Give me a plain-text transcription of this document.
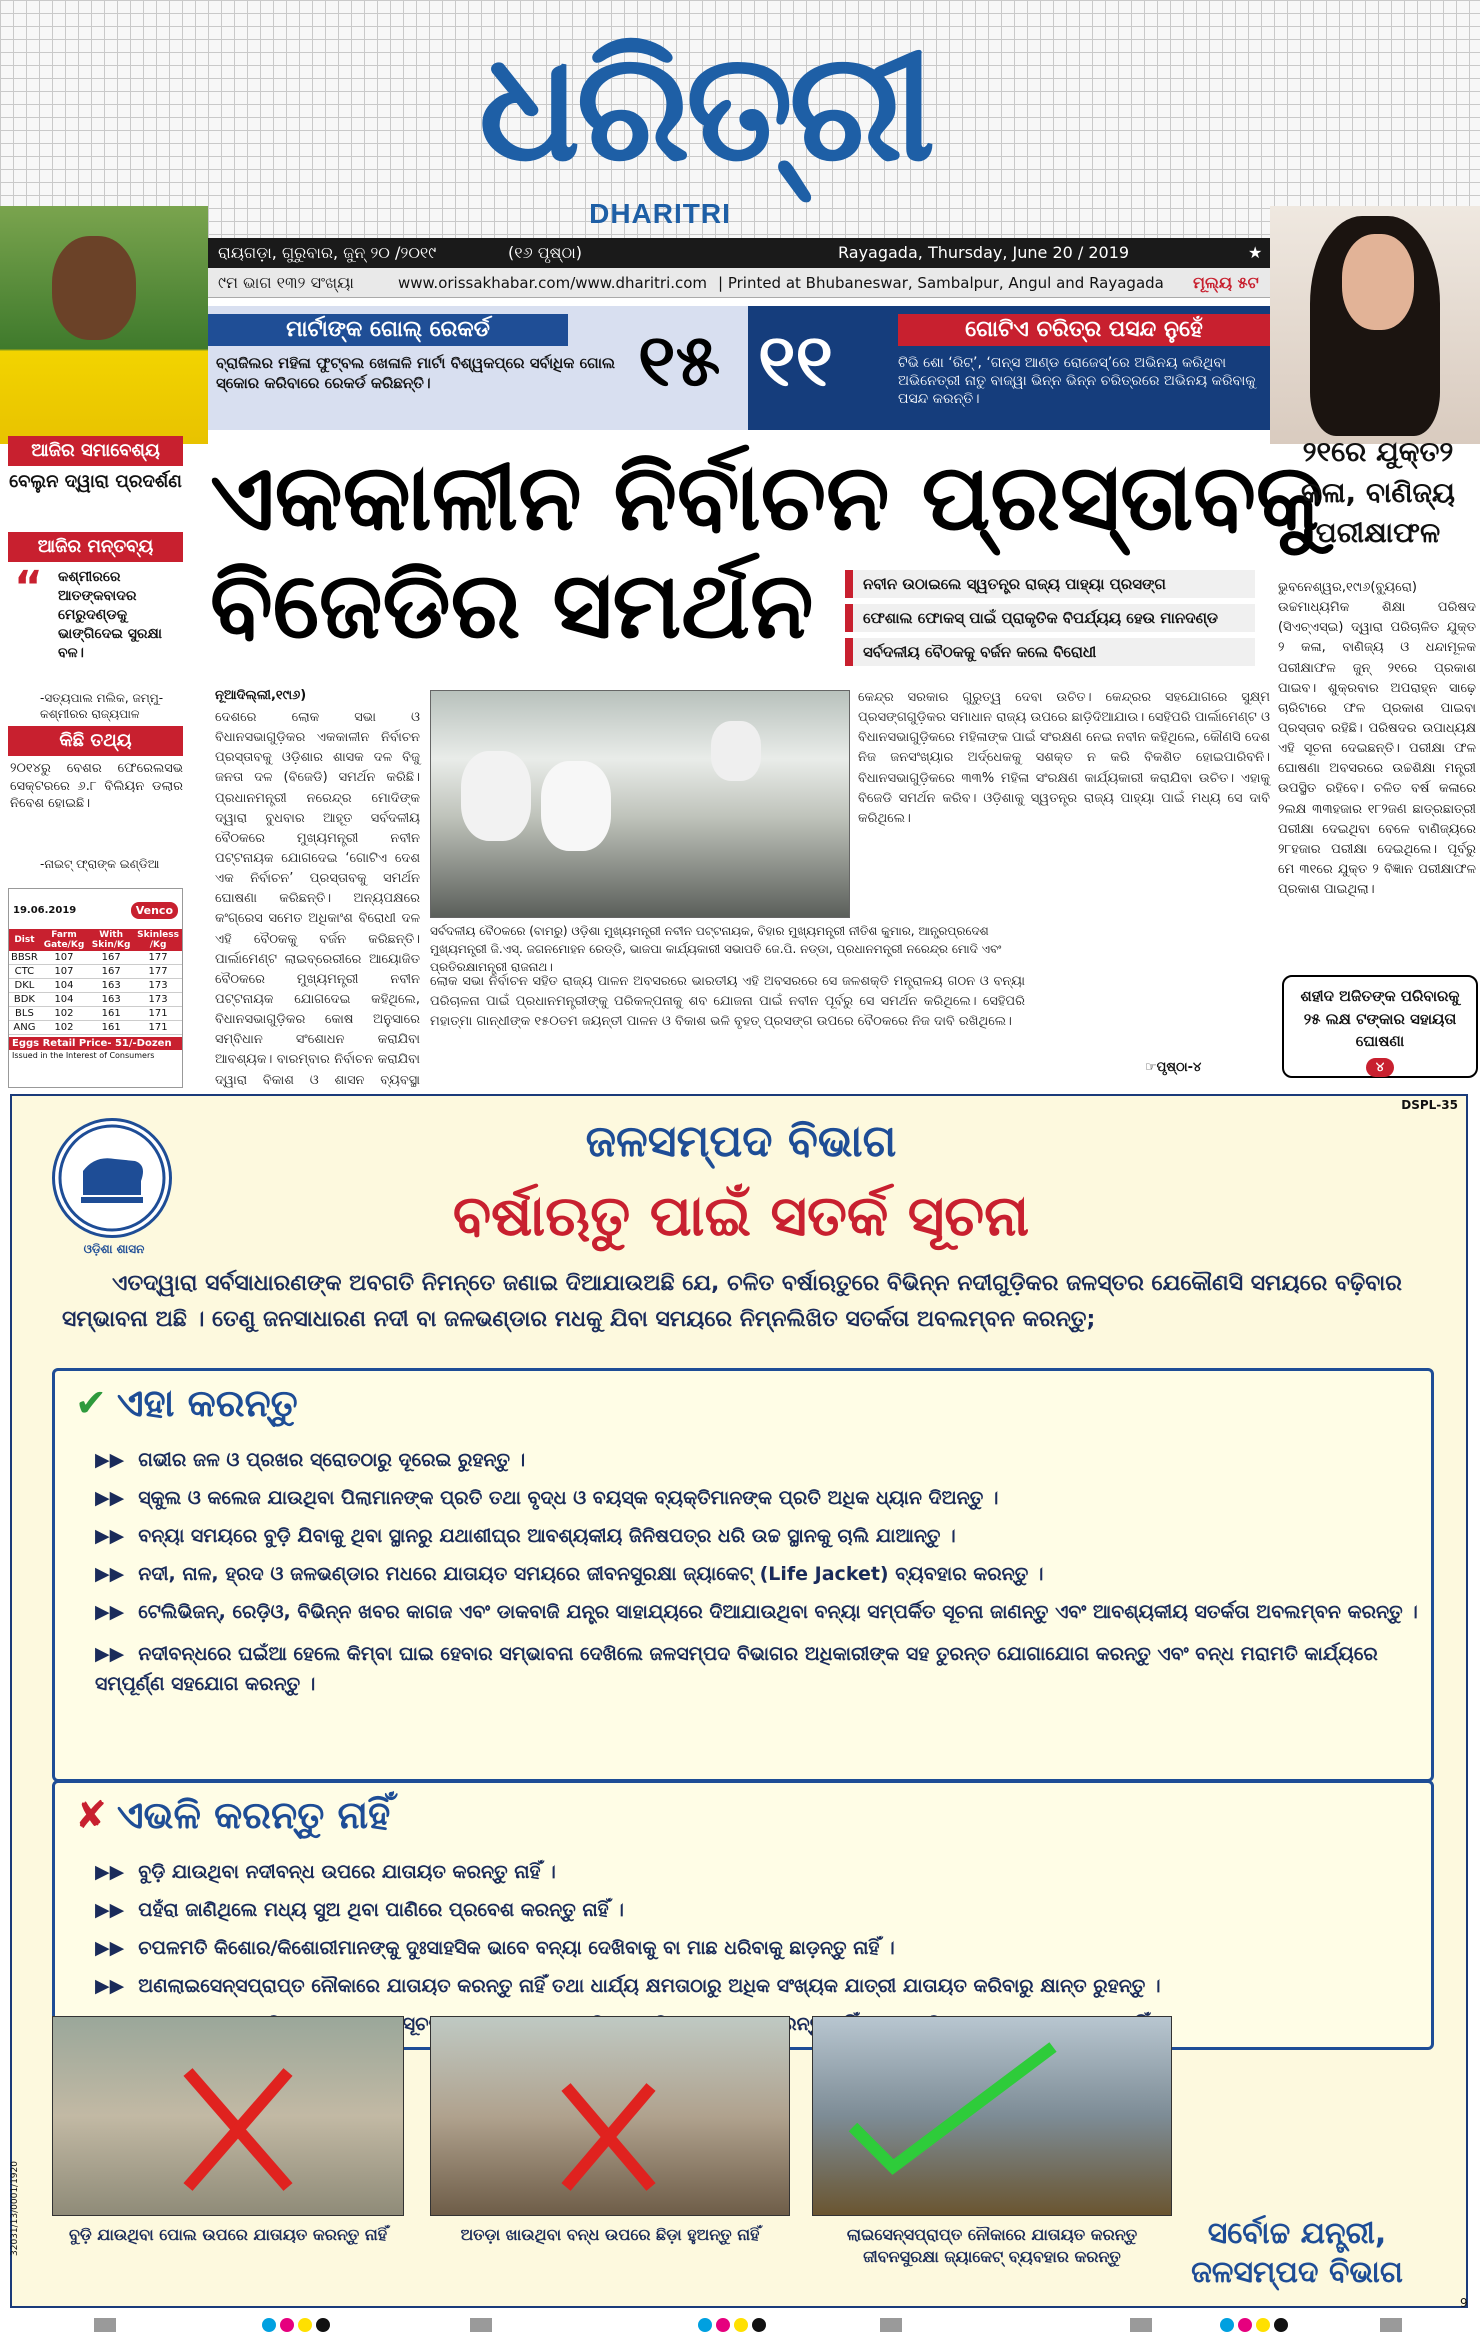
ଧରିତ୍ରୀ
DHARITRI
ରାୟଗଡ଼ା, ଗୁରୁବାର, ଜୁନ୍ ୨୦ /୨୦୧୯	(୧୬ ପୃଷ୍ଠା)	Rayagada, Thursday, June 20 / 2019	★
୯ମ ଭାଗ ୧୩୨ ସଂଖ୍ୟା	www.orissakhabar.com/www.dharitri.com | Printed at Bhubaneswar, Sambalpur, Angul and Rayagada	ମୂଲ୍ୟ ୫ଟ
ମାର୍ଟାଙ୍କ ଗୋଲ୍ ରେକର୍ଡ
ବ୍ରାଜିଲର ମହିଳା ଫୁଟ୍‌ବଲ ଖେଳାଳି ମାର୍ଟା ବିଶ୍ୱକପ୍‌ରେ ସର୍ବାଧିକ ଗୋଲ ସ୍କୋର କରିବାରେ ରେକର୍ଡ କରିଛନ୍ତି।	୧୫ ୧୧	ଗୋଟିଏ ଚରିତ୍ର ପସନ୍ଦ ନୁହେଁ
ଟିଭି ଶୋ ‘ରିଟ୍’, ‘ଗନ୍ସ ଆଣ୍ଡ ରୋଜେସ୍’ରେ ଅଭିନୟ କରିଥିବା ଅଭିନେତ୍ରୀ ନାତୁ ବାଜ୍‌ୱା ଭିନ୍ନ ଭିନ୍ନ ଚରିତ୍ରରେ ଅଭିନୟ କରିବାକୁ ପସନ୍ଦ କରନ୍ତି।
ଆଜିର ସମାବେଶ୍ୟ
ବେଲୁନ ଦ୍ୱାରା ପ୍ରଦର୍ଶଣ
ଆଜିର ମନ୍ତବ୍ୟ
“ କଶ୍ମୀରରେ ଆତଙ୍କବାଦର ମେରୁଦଣ୍ଡକୁ ଭାଙ୍ଗିଦେଇ ସୁରକ୍ଷା ବଳ।
-ସତ୍ୟପାଲ ମଲିକ, ଜମ୍ମୁ-କଶ୍ମୀରର ରାଜ୍ୟପାଳ
କିଛି ତଥ୍ୟ
୨୦୧୪ରୁ ବେଶର ଫେରେଲସଭ ସେକ୍ଟରରେ ୬.୮ ବିଲିୟନ ଡଲାର ନିବେଶ ହୋଇଛି।
-ନାଇଟ୍ ଫ୍ରାଙ୍କ ଇଣ୍ଡିଆ
19.06.2019	Venco
Dist	Farm Gate/Kg	With Skin/Kg	Skinless /Kg
BBSR	107	167	177
CTC	107	167	177
DKL	104	163	173
BDK	104	163	173
BLS	102	161	171
ANG	102	161	171
Eggs Retail Price- 51/-Dozen
Issued in the Interest of Consumers
ଏକକାଳୀନ ନିର୍ବାଚନ ପ୍ରସ୍ତାବକୁ
ବିଜେଡିର ସମର୍ଥନ	ନବୀନ ଉଠାଇଲେ ସ୍ୱତନ୍ତ୍ର ରାଜ୍ୟ ପାହ୍ୟା ପ୍ରସଙ୍ଗ
ଫେଶାଲ ଫୋକସ୍ ପାଇଁ ପ୍ରାକୃତିକ ବିପର୍ଯ୍ୟୟ ହେଉ ମାନଦଣ୍ଡ
ସର୍ବଦଳୀୟ ବୈଠକକୁ ବର୍ଜନ କଲେ ବିରୋଧୀ
ନୂଆଦିଲ୍ଲୀ,୧୯ା୬)
ଦେଶରେ ଲୋକ ସଭା ଓ ବିଧାନସଭାଗୁଡ଼ିକର ଏକକାଳୀନ ନିର୍ବାଚନ ପ୍ରସ୍ତାବକୁ ଓଡ଼ିଶାର ଶାସକ ଦଳ ବିଜୁ ଜନତା ଦଳ (ବିଜେଡି) ସମର୍ଥନ କରିଛି। ପ୍ରଧାନମନ୍ତ୍ରୀ ନରେନ୍ଦ୍ର ମୋଦିଙ୍କ ଦ୍ୱାରା ବୁଧବାର ଆହୂତ ସର୍ବଦଳୀୟ ବୈଠକରେ ମୁଖ୍ୟମନ୍ତ୍ରୀ ନବୀନ ପଟ୍ଟନାୟକ ଯୋଗଦେଇ ‘ଗୋଟିଏ ଦେଶ ଏକ ନିର୍ବାଚନ’ ପ୍ରସ୍ତାବକୁ ସମର୍ଥନ ଘୋଷଣା କରିଛନ୍ତି। ଅନ୍ୟପକ୍ଷରେ କଂଗ୍ରେସ ସମେତ ଅଧିକାଂଶ ବିରୋଧୀ ଦଳ ଏହି ବୈଠକକୁ ବର୍ଜନ କରିଛନ୍ତି। ପାର୍ଲାମେଣ୍ଟ ଲାଇବ୍ରେରୀରେ ଆୟୋଜିତ ବୈଠକରେ ମୁଖ୍ୟମନ୍ତ୍ରୀ ନବୀନ ପଟ୍ଟନାୟକ ଯୋଗଦେଇ କହିଥିଲେ, ବିଧାନସଭାଗୁଡ଼ିକର କୋଷ ଅନୁସାରେ ସମ୍ବିଧାନ ସଂଶୋଧନ କରାଯିବା ଆବଶ୍ୟକ। ବାରମ୍ବାର ନିର୍ବାଚନ କରାଯିବା ଦ୍ୱାରା ବିକାଶ ଓ ଶାସନ ବ୍ୟବସ୍ଥା
ସର୍ବଦଳୀୟ ବୈଠକରେ (ବାମରୁ) ଓଡ଼ିଶା ମୁଖ୍ୟମନ୍ତ୍ରୀ ନବୀନ ପଟ୍ଟନାୟକ, ବିହାର ମୁଖ୍ୟମନ୍ତ୍ରୀ ନୀତିଶ କୁମାର, ଆନ୍ଧ୍ରପ୍ରଦେଶ ମୁଖ୍ୟମନ୍ତ୍ରୀ ଜି.ଏସ୍. ଜଗନମୋହନ ରେଡ୍ଡି, ଭାଜପା କାର୍ଯ୍ୟକାରୀ ସଭାପତି ଜେ.ପି. ନଡ୍ଡା, ପ୍ରଧାନମନ୍ତ୍ରୀ ନରେନ୍ଦ୍ର ମୋଦି ଏବଂ ପ୍ରତିରକ୍ଷାମନ୍ତ୍ରୀ ରାଜନାଥ।
ଲୋକ ସଭା ନିର୍ବାଚନ ସହିତ ରାଜ୍ୟ ପାଳନ ଅବସରରେ ଭାରତୀୟ ଏହି ଅବସରରେ ସେ ଜଳଶକ୍ତି ମନ୍ତ୍ରାଳୟ ଗଠନ ଓ ବନ୍ୟା ପରିଚାଳନା ପାଇଁ ପ୍ରଧାନମନ୍ତ୍ରୀଙ୍କୁ ପରିକଳ୍ପନାକୁ ଶବ ଯୋଜନା ପାଇଁ ନବୀନ ପୂର୍ବରୁ ସେ ସମର୍ଥନ କରିଥିଲେ। ସେହିପରି ମହାତ୍ମା ଗାନ୍ଧୀଙ୍କ ୧୫୦ତମ ଜୟନ୍ତୀ ପାଳନ ଓ ବିକାଶ ଭଳି ବୃହତ୍ ପ୍ରସଙ୍ଗ ଉପରେ ବୈଠକରେ ନିଜ ଦାବି ରଖିଥିଲେ।
କେନ୍ଦ୍ର ସରକାର ଗୁରୁତ୍ୱ ଦେବା ଉଚିତ। କେନ୍ଦ୍ରର ସହଯୋଗରେ ସୁକ୍ଷ୍ମ ପ୍ରସଙ୍ଗଗୁଡ଼ିକର ସମାଧାନ ରାଜ୍ୟ ଉପରେ ଛାଡ଼ିଦିଆଯାଉ। ସେହିପରି ପାର୍ଲାମେଣ୍ଟ ଓ ବିଧାନସଭାଗୁଡ଼ିକରେ ମହିଳାଙ୍କ ପାଇଁ ସଂରକ୍ଷଣ ନେଇ ନବୀନ କହିଥିଲେ, କୌଣସି ଦେଶ ନିଜ ଜନସଂଖ୍ୟାର ଅର୍ଦ୍ଧେକକୁ ସଶକ୍ତ ନ କରି ବିକଶିତ ହୋଇପାରିବନି। ବିଧାନସଭାଗୁଡ଼ିକରେ ୩୩% ମହିଳା ସଂରକ୍ଷଣ କାର୍ଯ୍ୟକାରୀ କରାଯିବା ଉଚିତ। ଏହାକୁ ବିଜେଡି ସମର୍ଥନ କରିବ। ଓଡ଼ିଶାକୁ ସ୍ୱତନ୍ତ୍ର ରାଜ୍ୟ ପାହ୍ୟା ପାଇଁ ମଧ୍ୟ ସେ ଦାବି କରିଥିଲେ।
☞ପୃଷ୍ଠା-୪
୨୧ରେ ଯୁକ୍ତ୨ କଳା, ବାଣିଜ୍ୟ ପରୀକ୍ଷାଫଳ
ଭୁବନେଶ୍ୱର,୧୯ା୬(ବ୍ୟୁରୋ) ଉଚ୍ଚମାଧ୍ୟମିକ ଶିକ୍ଷା ପରିଷଦ (ସିଏଚ୍‌ଏସ୍‌ଇ) ଦ୍ୱାରା ପରିଚାଳିତ ଯୁକ୍ତ ୨ କଳା, ବାଣିଜ୍ୟ ଓ ଧନ୍ଦାମୂଳକ ପରୀକ୍ଷାଫଳ ଜୁନ୍ ୨୧ରେ ପ୍ରକାଶ ପାଇବ। ଶୁକ୍ରବାର ଅପରାହ୍ନ ସାଢ଼େ ଚାରିଟାରେ ଫଳ ପ୍ରକାଶ ପାଇବା ପ୍ରସ୍ତାବ ରହିଛି। ପରିଷଦର ଉପାଧ୍ୟକ୍ଷ ଏହି ସୂଚନା ଦେଇଛନ୍ତି। ପରୀକ୍ଷା ଫଳ ଘୋଷଣା ଅବସରରେ ଉଚ୍ଚଶିକ୍ଷା ମନ୍ତ୍ରୀ ଉପସ୍ଥିତ ରହିବେ। ଚଳିତ ବର୍ଷ କଳାରେ ୨ଲକ୍ଷ ୩୩ହଜାର ୧୮୨ଜଣ ଛାତ୍ରଛାତ୍ରୀ ପରୀକ୍ଷା ଦେଇଥିବା ବେଳେ ବାଣିଜ୍ୟରେ ୨୮ହଜାର ପରୀକ୍ଷା ଦେଇଥିଲେ। ପୂର୍ବରୁ ମେ ୩୧ରେ ଯୁକ୍ତ ୨ ବିଜ୍ଞାନ ପରୀକ୍ଷାଫଳ ପ୍ରକାଶ ପାଇଥିଲା।
ଶହୀଦ ଅଜିତଙ୍କ ପରିବାରକୁ ୨୫ ଲକ୍ଷ ଟଙ୍କାର ସହାୟତା ଘୋଷଣା
୪
DSPL-35
ଓଡ଼ିଶା ଶାସନ
ଜଳସମ୍ପଦ ବିଭାଗ
ବର୍ଷାଋତୁ ପାଇଁ ସତର୍କ ସୂଚନା
ଏତଦ୍ୱାରା ସର୍ବସାଧାରଣଙ୍କ ଅବଗତି ନିମନ୍ତେ ଜଣାଇ ଦିଆଯାଉଅଛି ଯେ, ଚଳିତ ବର୍ଷାଋତୁରେ ବିଭିନ୍ନ ନଦୀଗୁଡ଼ିକର ଜଳସ୍ତର ଯେକୌଣସି ସମୟରେ ବଢ଼ିବାର ସମ୍ଭାବନା ଅଛି । ତେଣୁ ଜନସାଧାରଣ ନଦୀ ବା ଜଳଭଣ୍ଡାର ମଧକୁ ଯିବା ସମୟରେ ନିମ୍ନଲିଖିତ ସତର୍କତା ଅବଲମ୍ବନ କରନ୍ତୁ;
✔ ଏହା କରନ୍ତୁ
▶▶ ଗଭୀର ଜଳ ଓ ପ୍ରଖର ସ୍ରୋତଠାରୁ ଦୂରେଇ ରୁହନ୍ତୁ ।
▶▶ ସ୍କୁଲ ଓ କଲେଜ ଯାଉଥିବା ପିଲାମାନଙ୍କ ପ୍ରତି ତଥା ବୃଦ୍ଧ ଓ ବୟସ୍କ ବ୍ୟକ୍ତିମାନଙ୍କ ପ୍ରତି ଅଧିକ ଧ୍ୟାନ ଦିଅନ୍ତୁ ।
▶▶ ବନ୍ୟା ସମୟରେ ବୁଡ଼ି ଯିବାକୁ ଥିବା ସ୍ଥାନରୁ ଯଥାଶୀଘ୍ର ଆବଶ୍ୟକୀୟ ଜିନିଷପତ୍ର ଧରି ଉଚ୍ଚ ସ୍ଥାନକୁ ଚାଲି ଯାଆନ୍ତୁ ।
▶▶ ନଦୀ, ନାଳ, ହ୍ରଦ ଓ ଜଳଭଣ୍ଡାର ମଧରେ ଯାତାୟତ ସମୟରେ ଜୀବନସୁରକ୍ଷା ଜ୍ୟାକେଟ୍ (Life Jacket) ବ୍ୟବହାର କରନ୍ତୁ ।
▶▶ ଟେଲିଭିଜନ୍, ରେଡ଼ିଓ, ବିଭିନ୍ନ ଖବର କାଗଜ ଏବଂ ଡାକବାଜି ଯନ୍ତ୍ର ସାହାଯ୍ୟରେ ଦିଆଯାଉଥିବା ବନ୍ୟା ସମ୍ପର୍କିତ ସୂଚନା ଜାଣନ୍ତୁ ଏବଂ ଆବଶ୍ୟକୀୟ ସତର୍କତା ଅବଲମ୍ବନ କରନ୍ତୁ ।
▶▶ ନଦୀବନ୍ଧରେ ଘଇଁଆ ହେଲେ କିମ୍ବା ଘାଇ ହେବାର ସମ୍ଭାବନା ଦେଖିଲେ ଜଳସମ୍ପଦ ବିଭାଗର ଅଧିକାରୀଙ୍କ ସହ ତୁରନ୍ତ ଯୋଗାଯୋଗ କରନ୍ତୁ ଏବଂ ବନ୍ଧ ମରାମତି କାର୍ଯ୍ୟରେ ସମ୍ପୂର୍ଣ୍ଣ ସହଯୋଗ କରନ୍ତୁ ।
✘ ଏଭଳି କରନ୍ତୁ ନାହିଁ
▶▶ ବୁଡ଼ି ଯାଉଥିବା ନଦୀବନ୍ଧ ଉପରେ ଯାତାୟତ କରନ୍ତୁ ନାହିଁ ।
▶▶ ପହଁରା ଜାଣିଥିଲେ ମଧ୍ୟ ସୁଅ ଥିବା ପାଣିରେ ପ୍ରବେଶ କରନ୍ତୁ ନାହିଁ ।
▶▶ ଚପଳମତି କିଶୋର/କିଶୋରୀମାନଙ୍କୁ ଦୁଃସାହସିକ ଭାବେ ବନ୍ୟା ଦେଖିବାକୁ ବା ମାଛ ଧରିବାକୁ ଛାଡ଼ନ୍ତୁ ନାହିଁ ।
▶▶ ଅଣଲାଇସେନ୍ସପ୍ରାପ୍ତ ନୌକାରେ ଯାତାୟତ କରନ୍ତୁ ନାହିଁ ତଥା ଧାର୍ଯ୍ୟ କ୍ଷମତାଠାରୁ ଅଧିକ ସଂଖ୍ୟକ ଯାତ୍ରୀ ଯାତାୟତ କରିବାରୁ କ୍ଷାନ୍ତ ରୁହନ୍ତୁ ।
ସୂଚନା କରନ୍ତୁ
ବୁଡ଼ି ଯାଉଥିବା ପୋଲ ଉପରେ ଯାତାୟତ କରନ୍ତୁ ନାହିଁ	ଅତଡ଼ା ଖାଉଥିବା ବନ୍ଧ ଉପରେ ଛିଡ଼ା ହୁଅନ୍ତୁ ନାହିଁ	ଲାଇସେନ୍ସପ୍ରାପ୍ତ ନୌକାରେ ଯାତାୟତ କରନ୍ତୁ ଜୀବନସୁରକ୍ଷା ଜ୍ୟାକେଟ୍ ବ୍ୟବହାର କରନ୍ତୁ
ସର୍ବୋଚ୍ଚ ଯନ୍ତ୍ରୀ, ଜଳସମ୍ପଦ ବିଭାଗ
32031/13/0001/1920
9
